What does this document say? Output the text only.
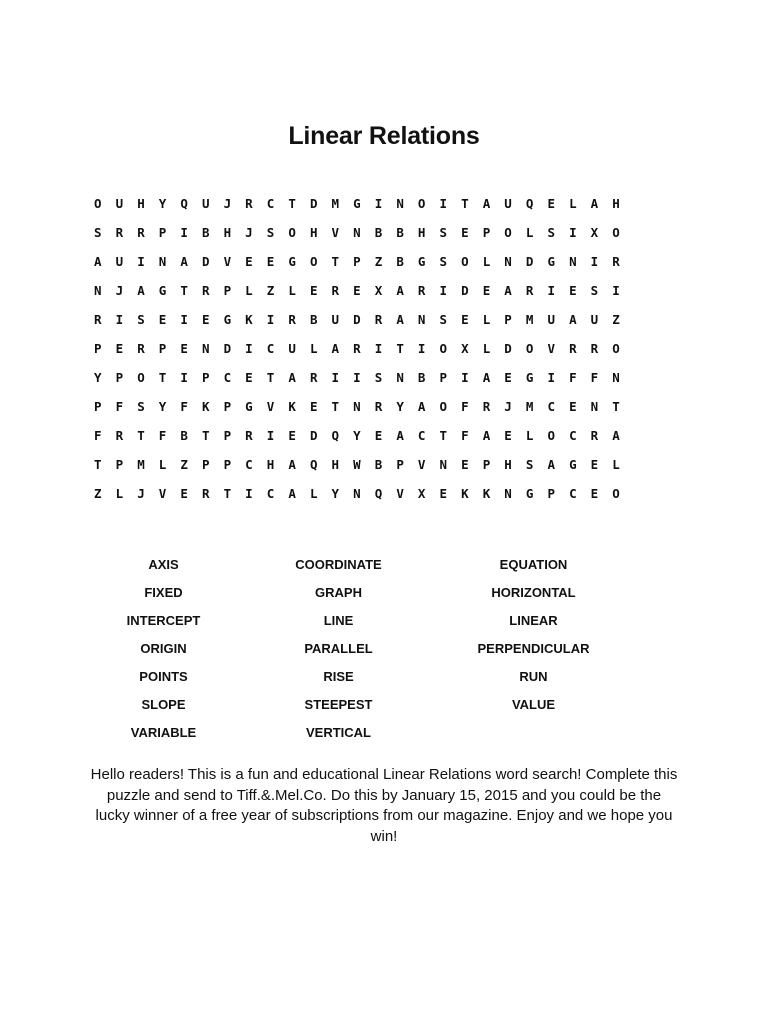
Linear Relations
O	U	H	Y	Q	U	J	R	C	T	D	M	G	I	N	O	I	T	A	U	Q	E	L	A	H
S	R	R	P	I	B	H	J	S	O	H	V	N	B	B	H	S	E	P	O	L	S	I	X	O
A	U	I	N	A	D	V	E	E	G	O	T	P	Z	B	G	S	O	L	N	D	G	N	I	R
N	J	A	G	T	R	P	L	Z	L	E	R	E	X	A	R	I	D	E	A	R	I	E	S	I
R	I	S	E	I	E	G	K	I	R	B	U	D	R	A	N	S	E	L	P	M	U	A	U	Z
P	E	R	P	E	N	D	I	C	U	L	A	R	I	T	I	O	X	L	D	O	V	R	R	O
Y	P	O	T	I	P	C	E	T	A	R	I	I	S	N	B	P	I	A	E	G	I	F	F	N
P	F	S	Y	F	K	P	G	V	K	E	T	N	R	Y	A	O	F	R	J	M	C	E	N	T
F	R	T	F	B	T	P	R	I	E	D	Q	Y	E	A	C	T	F	A	E	L	O	C	R	A
T	P	M	L	Z	P	P	C	H	A	Q	H	W	B	P	V	N	E	P	H	S	A	G	E	L
Z	L	J	V	E	R	T	I	C	A	L	Y	N	Q	V	X	E	K	K	N	G	P	C	E	O
AXIS	COORDINATE	EQUATION
FIXED	GRAPH	HORIZONTAL
INTERCEPT	LINE	LINEAR
ORIGIN	PARALLEL	PERPENDICULAR
POINTS	RISE	RUN
SLOPE	STEEPEST	VALUE
VARIABLE	VERTICAL

Hello readers! This is a fun and educational Linear Relations word search! Complete this puzzle and send to Tiff.&.Mel.Co. Do this by January 15, 2015 and you could be the lucky winner of a free year of subscriptions from our magazine. Enjoy and we hope you win!
